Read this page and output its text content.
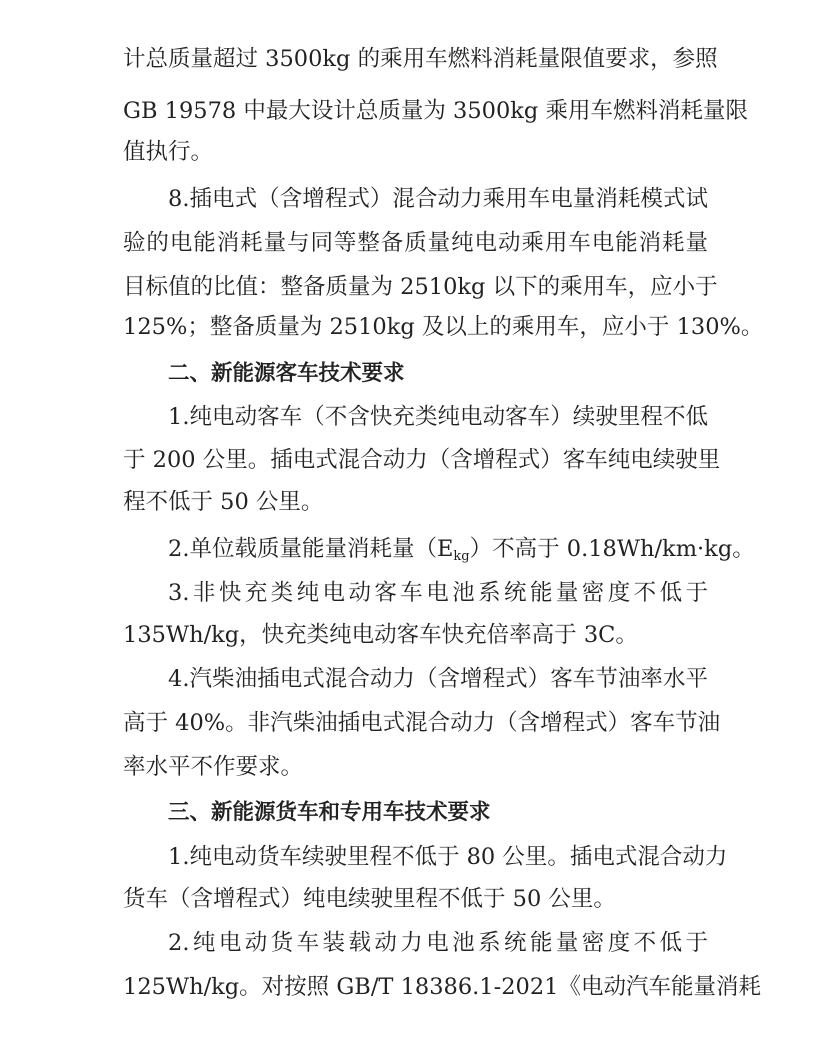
计总质量超过 3500kg 的乘用车燃料消耗量限值要求，参照
GB 19578 中最大设计总质量为 3500kg 乘用车燃料消耗量限
值执行。
8.插电式（含增程式）混合动力乘用车电量消耗模式试
验的电能消耗量与同等整备质量纯电动乘用车电能消耗量
目标值的比值：整备质量为 2510kg 以下的乘用车，应小于
125%；整备质量为 2510kg 及以上的乘用车，应小于 130%。
二、新能源客车技术要求
1.纯电动客车（不含快充类纯电动客车）续驶里程不低
于 200 公里。插电式混合动力（含增程式）客车纯电续驶里
程不低于 50 公里。
2.单位载质量能量消耗量$(E_{kg})$不高于 0.18Wh/km·kg。
3.非快充类纯电动客车电池系统能量密度不低于
135Wh/kg，快充类纯电动客车快充倍率高于 3C。
4.汽柴油插电式混合动力（含增程式）客车节油率水平
高于 40%。非汽柴油插电式混合动力（含增程式）客车节油
率水平不作要求。
三、新能源货车和专用车技术要求
1.纯电动货车续驶里程不低于 80 公里。插电式混合动力
货车（含增程式）纯电续驶里程不低于 50 公里。
2.纯电动货车装载动力电池系统能量密度不低于
125Wh/kg。对按照 GB/T 18386.1-2021《电动汽车能量消耗
